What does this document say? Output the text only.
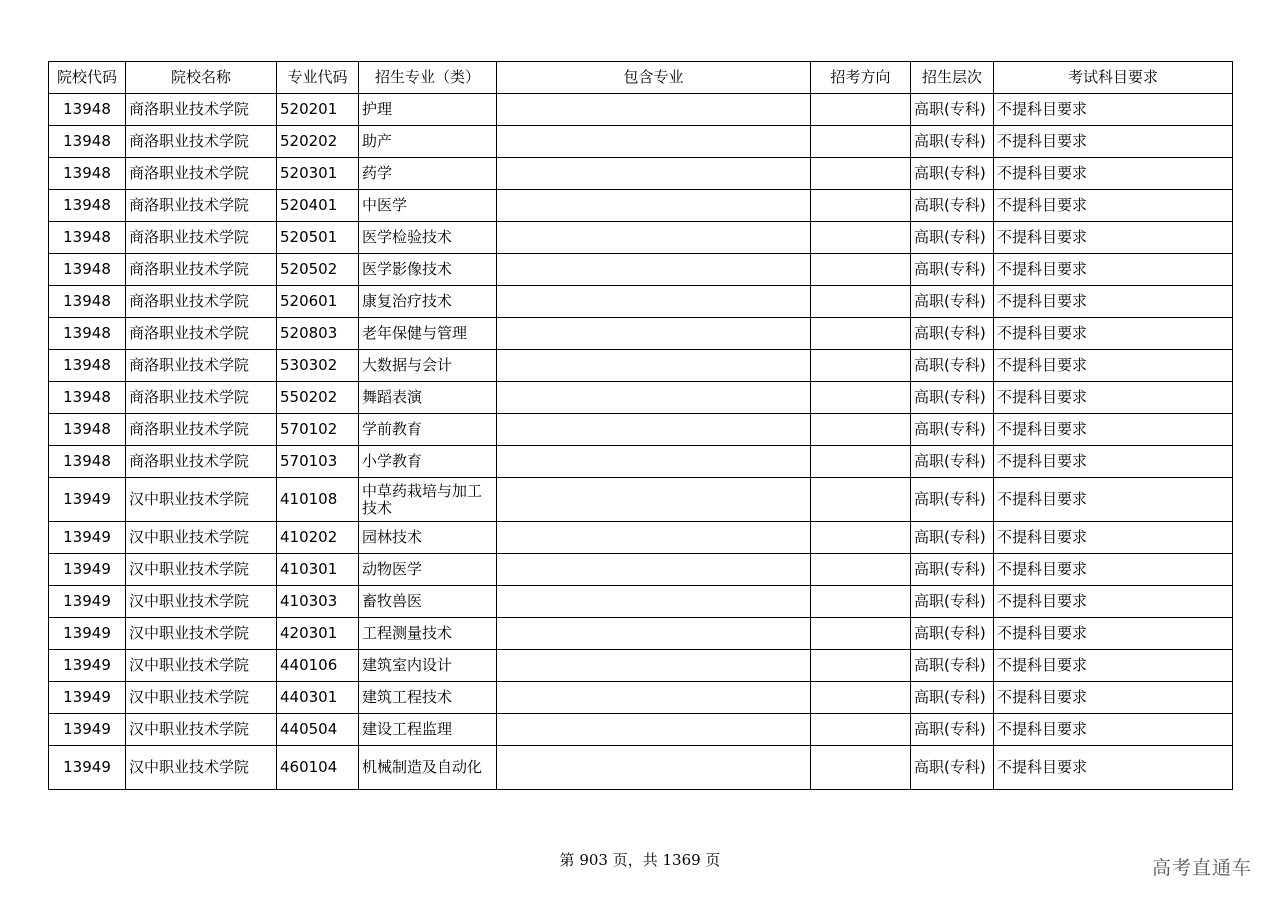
院校代码	院校名称	专业代码	招生专业（类）	包含专业	招考方向	招生层次	考试科目要求
13948	商洛职业技术学院	520201	护理			高职(专科)	不提科目要求
13948	商洛职业技术学院	520202	助产			高职(专科)	不提科目要求
13948	商洛职业技术学院	520301	药学			高职(专科)	不提科目要求
13948	商洛职业技术学院	520401	中医学			高职(专科)	不提科目要求
13948	商洛职业技术学院	520501	医学检验技术			高职(专科)	不提科目要求
13948	商洛职业技术学院	520502	医学影像技术			高职(专科)	不提科目要求
13948	商洛职业技术学院	520601	康复治疗技术			高职(专科)	不提科目要求
13948	商洛职业技术学院	520803	老年保健与管理			高职(专科)	不提科目要求
13948	商洛职业技术学院	530302	大数据与会计			高职(专科)	不提科目要求
13948	商洛职业技术学院	550202	舞蹈表演			高职(专科)	不提科目要求
13948	商洛职业技术学院	570102	学前教育			高职(专科)	不提科目要求
13948	商洛职业技术学院	570103	小学教育			高职(专科)	不提科目要求
13949	汉中职业技术学院	410108	中草药栽培与加工技术			高职(专科)	不提科目要求
13949	汉中职业技术学院	410202	园林技术			高职(专科)	不提科目要求
13949	汉中职业技术学院	410301	动物医学			高职(专科)	不提科目要求
13949	汉中职业技术学院	410303	畜牧兽医			高职(专科)	不提科目要求
13949	汉中职业技术学院	420301	工程测量技术			高职(专科)	不提科目要求
13949	汉中职业技术学院	440106	建筑室内设计			高职(专科)	不提科目要求
13949	汉中职业技术学院	440301	建筑工程技术			高职(专科)	不提科目要求
13949	汉中职业技术学院	440504	建设工程监理			高职(专科)	不提科目要求
13949	汉中职业技术学院	460104	机械制造及自动化			高职(专科)	不提科目要求
第 903 页，共 1369 页	高考直通车
